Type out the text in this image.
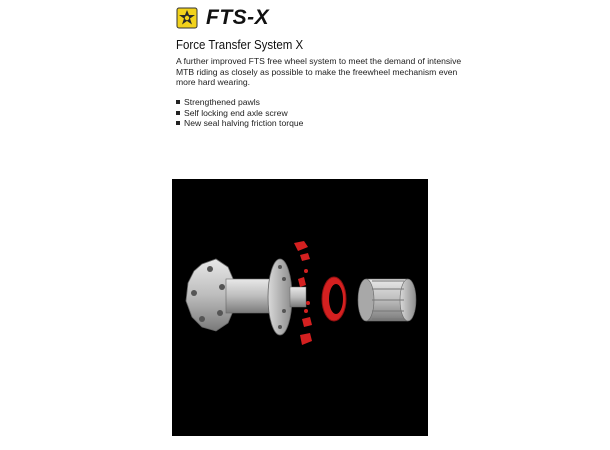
FTS-X
Force Transfer System X
A further improved FTS free wheel system to meet the demand of intensive MTB riding as closely as possible to make the freewheel mechanism even more hard wearing.
Strengthened pawls
Self locking end axle screw
New seal halving friction torque
